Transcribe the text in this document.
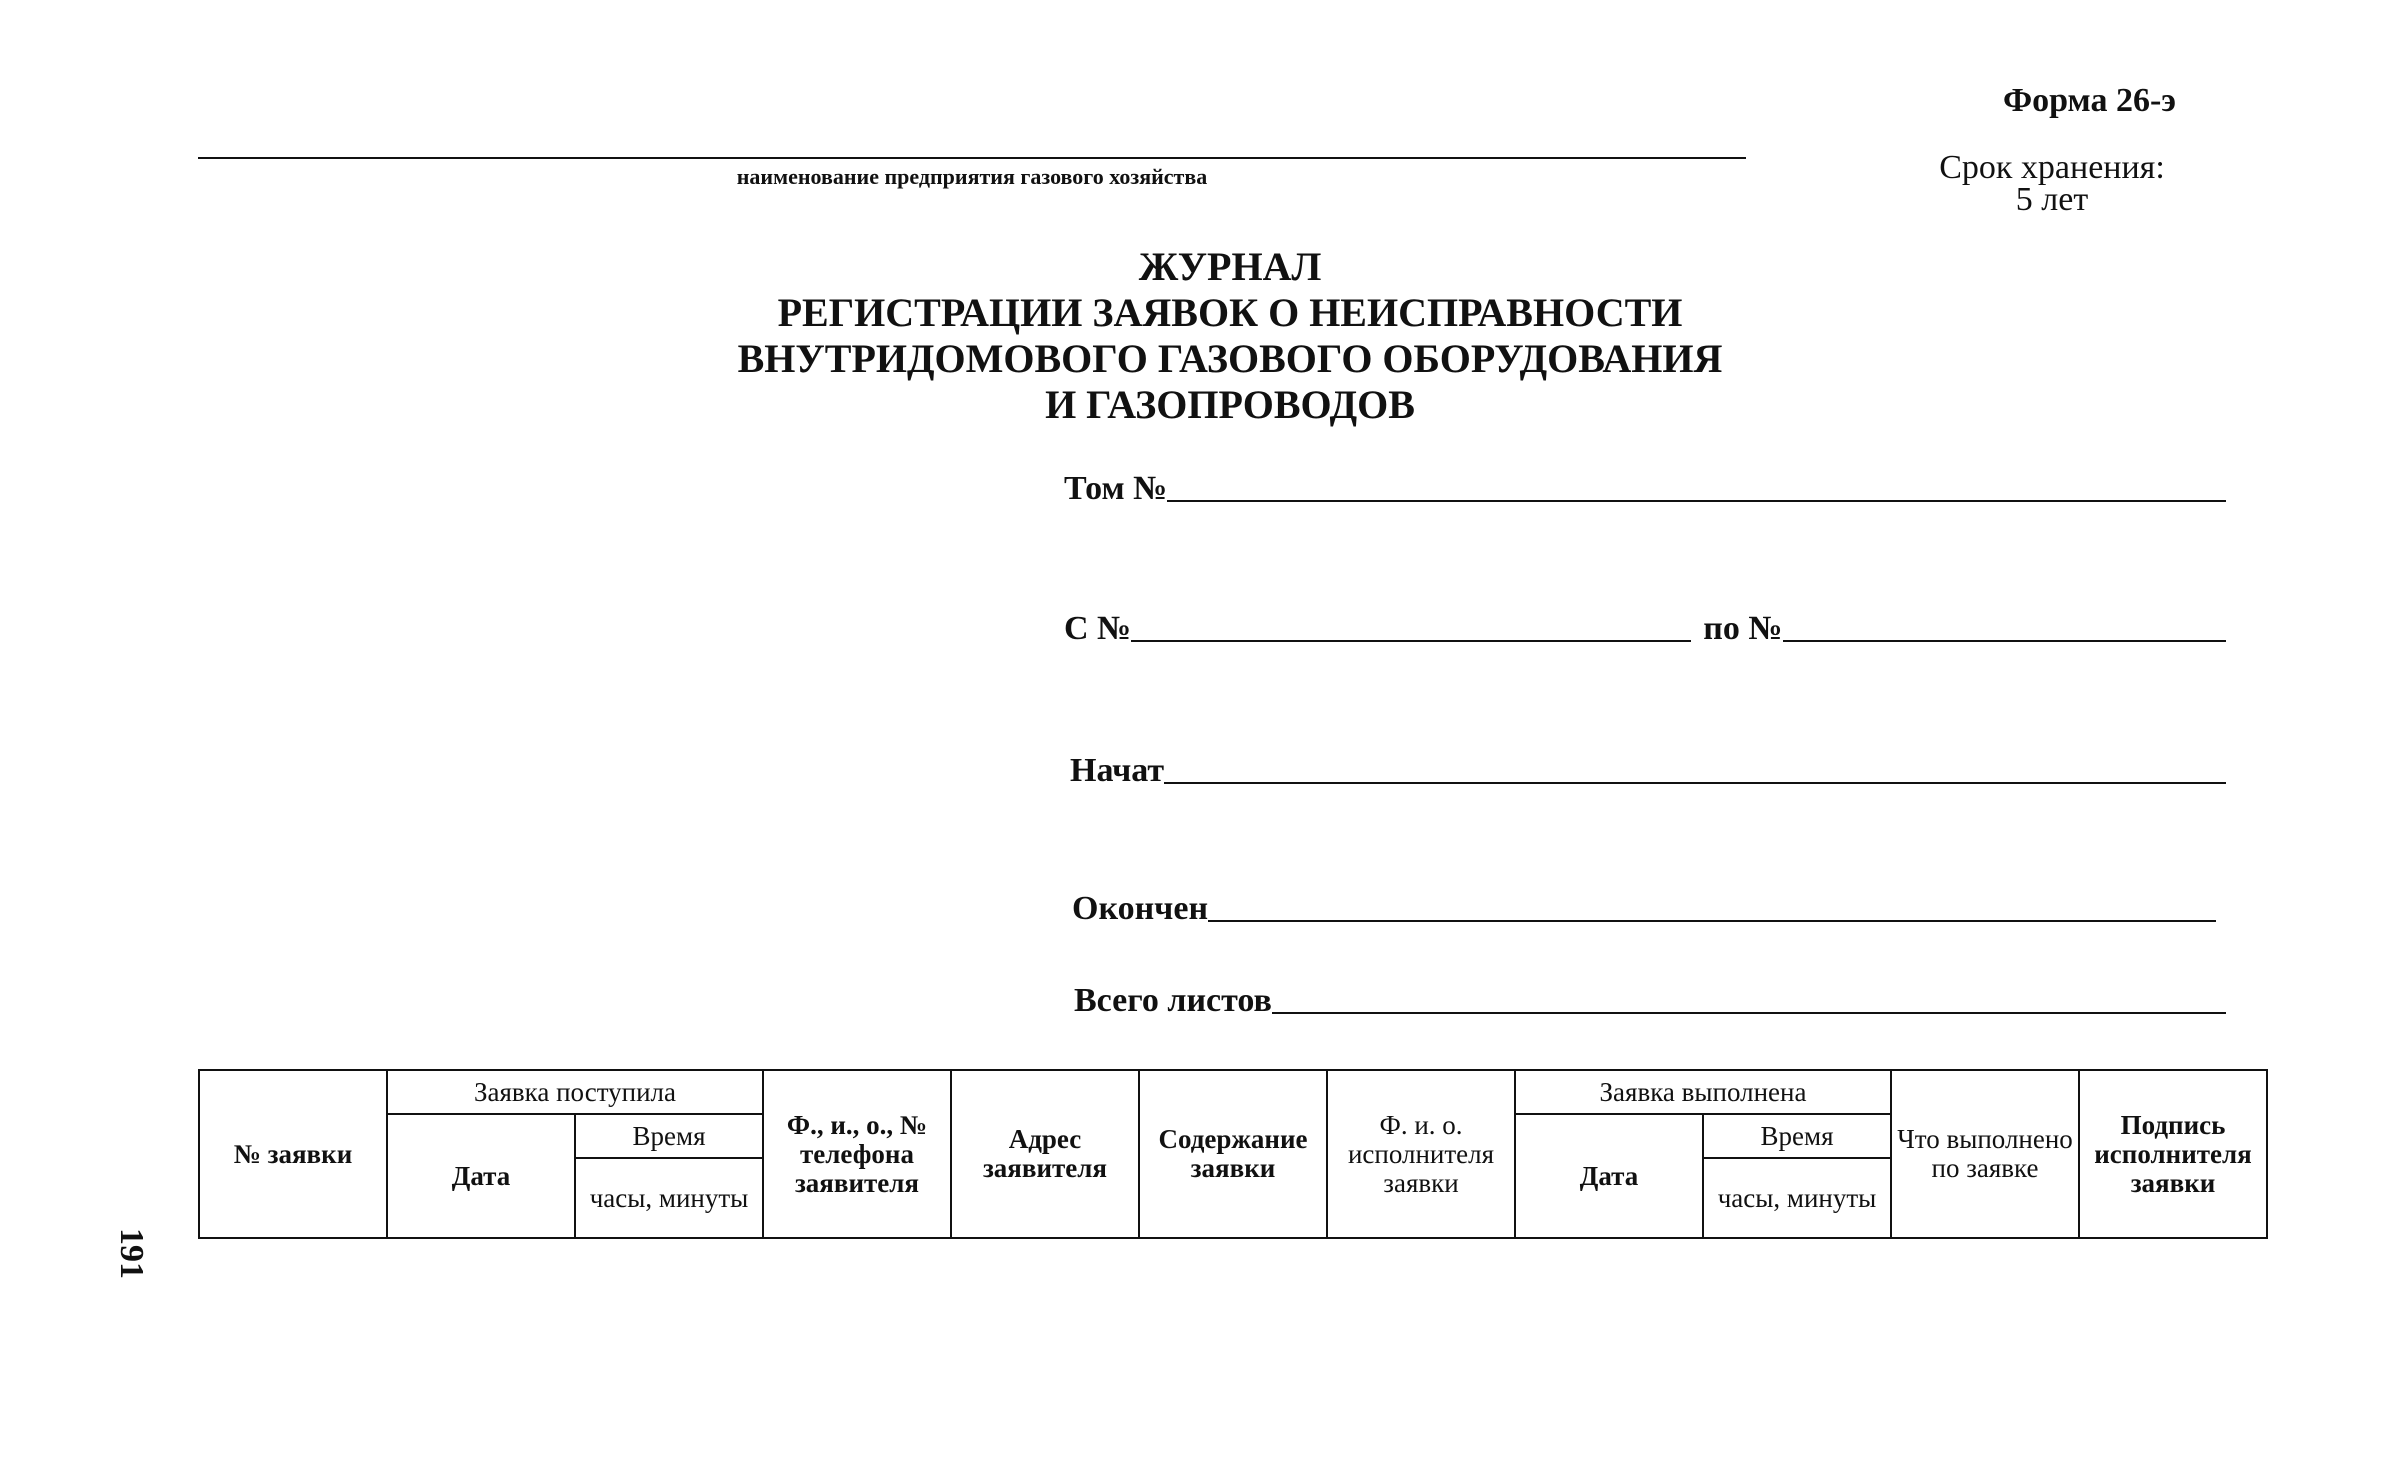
Форма 26-э
наименование предприятия газового хозяйства	Срок хранения:
5 лет
ЖУРНАЛ
РЕГИСТРАЦИИ ЗАЯВОК О НЕИСПРАВНОСТИ
ВНУТРИДОМОВОГО ГАЗОВОГО ОБОРУДОВАНИЯ
И ГАЗОПРОВОДОВ
Том №
С №	по №
Начат
Окончен
Всего листов
№ заявки	Заявка поступила		Ф., и., о., № телефона заявителя	Адрес заявителя	Содержание заявки	Ф. и. о. исполнителя заявки	Заявка выполнена		Что выполнено по заявке	Подпись исполнителя заявки
	Дата	Время					Дата	Время		
		часы, минуты						часы, минуты		
191
